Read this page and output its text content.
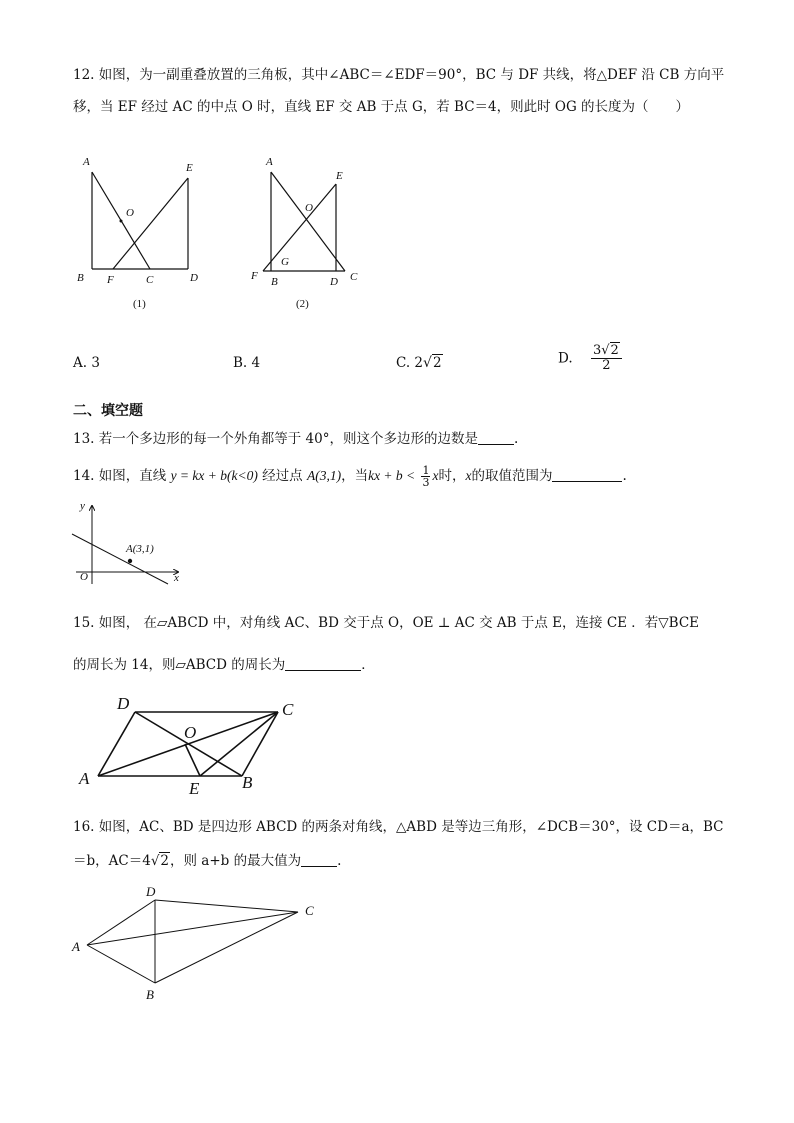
12. 如图，为一副重叠放置的三角板，其中∠ABC＝∠EDF＝90°，BC 与 DF 共线，将△DEF 沿 CB 方向平
移，当 EF 经过 AC 的中点 O 时，直线 EF 交 AB 于点 G，若 BC＝4，则此时 OG 的长度为（　　）
A	E
O
B F	C	D
(1)
A
E
O
G
F B	D C
(2)
A. 3	B. 4	C. 2√2	D. $\frac{3√2}{2}$
二、填空题
13. 若一个多边形的每一个外角都等于 40°，则这个多边形的边数是	.
14. 如图，直线 y = kx + b(k<0) 经过点 A(3,1)，当kx + $b < \frac{1}{3}$ x时，x的取值范围为	.
y
A(3,1)
O	x
15. 如图， 在▱ABCD 中，对角线 AC、BD 交于点 O，OE ⊥ AC 交 AB 于点 E，连接 CE ．若▽BCE
的周长为 14，则▱ABCD 的周长为	．
D	C
O
A
E	B
16. 如图，AC、BD 是四边形 ABCD 的两条对角线，△ABD 是等边三角形，∠DCB＝30°，设 CD＝a，BC
＝b，AC＝4√2，则 a+b 的最大值为	.
D
C
A
B
